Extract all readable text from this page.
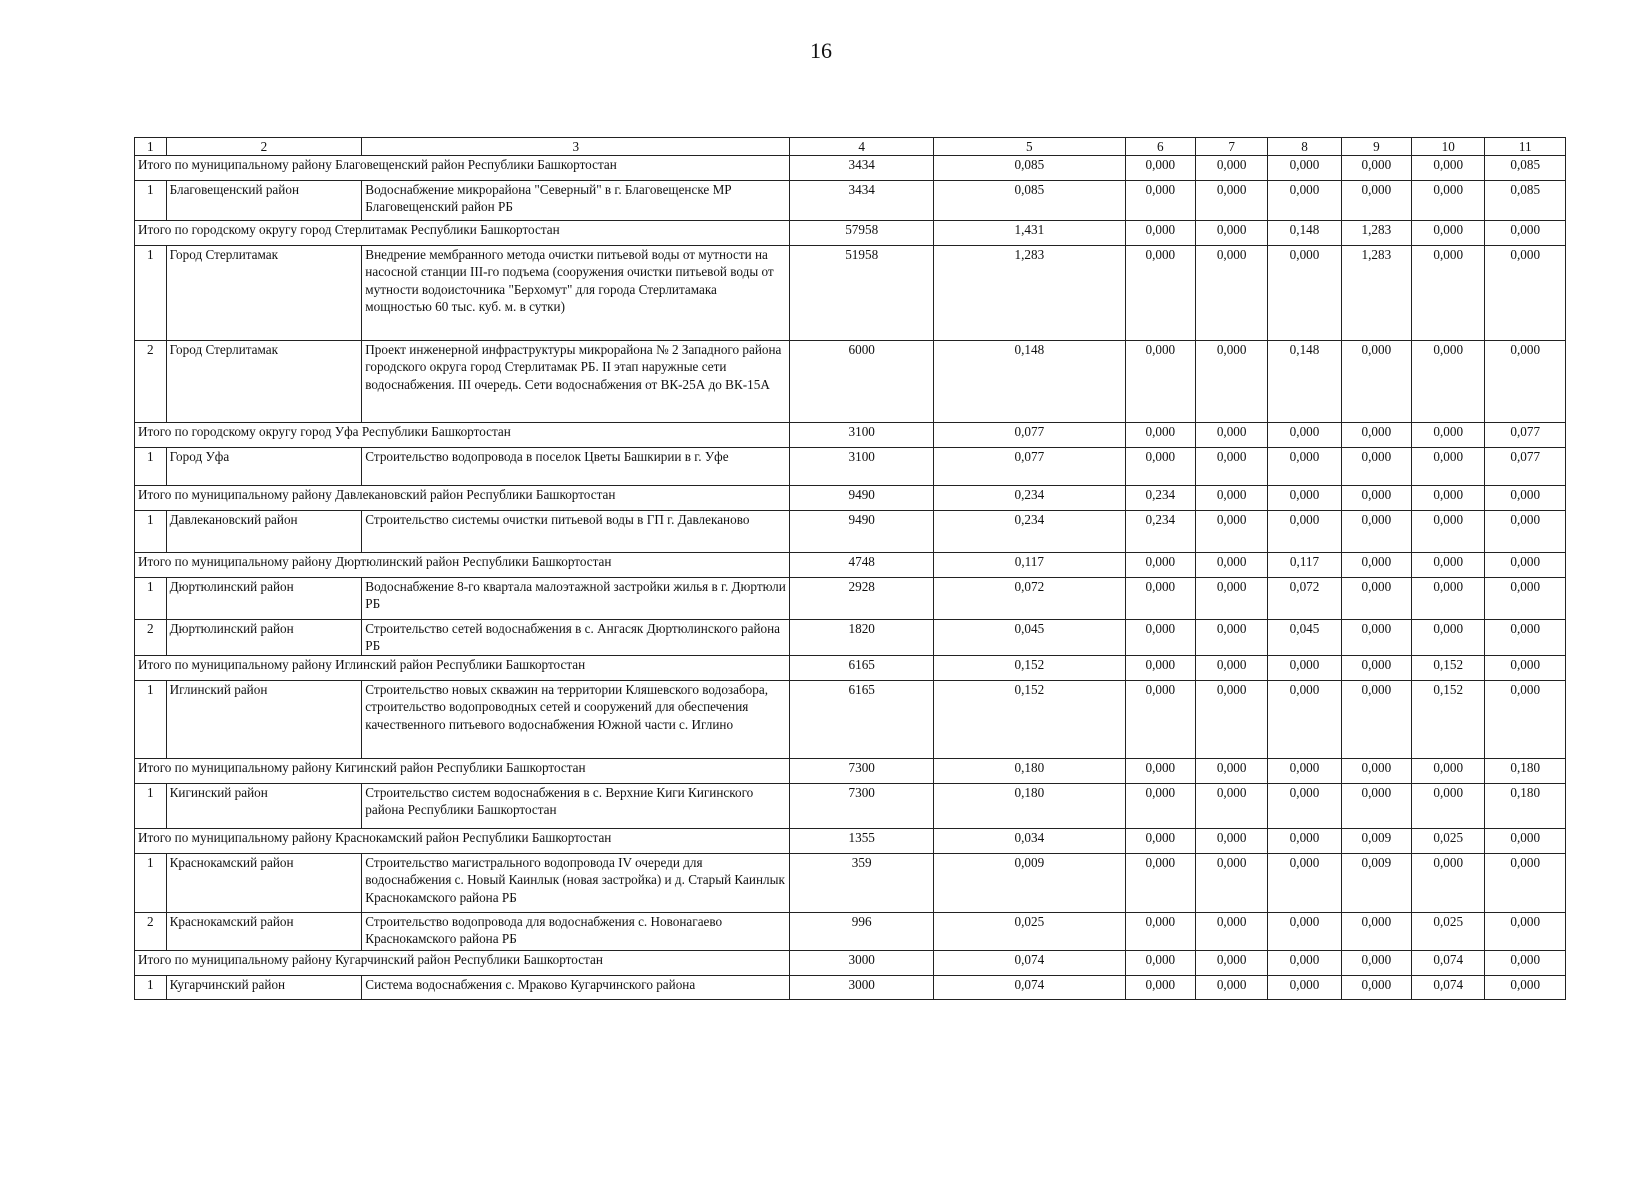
16
1	2	3	4	5	6	7	8	9	10	11
Итого по муниципальному району Благовещенский район Республики Башкортостан			3434	0,085	0,000	0,000	0,000	0,000	0,000	0,085
1	Благовещенский район	Водоснабжение микрорайона "Северный" в г. Благовещенске МР Благовещенский район РБ	3434	0,085	0,000	0,000	0,000	0,000	0,000	0,085
Итого по городскому округу город Стерлитамак Республики Башкортостан			57958	1,431	0,000	0,000	0,148	1,283	0,000	0,000
1	Город Стерлитамак	Внедрение мембранного метода очистки питьевой воды от мутности на насосной станции III-го подъема (сооружения очистки питьевой воды от мутности водоисточника "Берхомут" для города Стерлитамака мощностью 60 тыс. куб. м. в сутки)	51958	1,283	0,000	0,000	0,000	1,283	0,000	0,000
2	Город Стерлитамак	Проект инженерной инфраструктуры микрорайона № 2 Западного района городского округа город Стерлитамак РБ. II этап наружные сети водоснабжения. III очередь. Сети водоснабжения от ВК-25А до ВК-15А	6000	0,148	0,000	0,000	0,148	0,000	0,000	0,000
Итого по городскому округу город Уфа Республики Башкортостан			3100	0,077	0,000	0,000	0,000	0,000	0,000	0,077
1	Город Уфа	Строительство водопровода в поселок Цветы Башкирии в г. Уфе	3100	0,077	0,000	0,000	0,000	0,000	0,000	0,077
Итого по муниципальному району Давлекановский район Республики Башкортостан			9490	0,234	0,234	0,000	0,000	0,000	0,000	0,000
1	Давлекановский район	Строительство системы очистки питьевой воды в ГП г. Давлеканово	9490	0,234	0,234	0,000	0,000	0,000	0,000	0,000
Итого по муниципальному району Дюртюлинский район Республики Башкортостан			4748	0,117	0,000	0,000	0,117	0,000	0,000	0,000
1	Дюртюлинский район	Водоснабжение 8-го квартала малоэтажной застройки жилья в г. Дюртюли РБ	2928	0,072	0,000	0,000	0,072	0,000	0,000	0,000
2	Дюртюлинский район	Строительство сетей водоснабжения в с. Ангасяк Дюртюлинского района РБ	1820	0,045	0,000	0,000	0,045	0,000	0,000	0,000
Итого по муниципальному району Иглинский район Республики Башкортостан			6165	0,152	0,000	0,000	0,000	0,000	0,152	0,000
1	Иглинский район	Строительство новых скважин на территории Кляшевского водозабора, строительство водопроводных сетей и сооружений для обеспечения качественного питьевого водоснабжения Южной части с. Иглино	6165	0,152	0,000	0,000	0,000	0,000	0,152	0,000
Итого по муниципальному району Кигинский район Республики Башкортостан			7300	0,180	0,000	0,000	0,000	0,000	0,000	0,180
1	Кигинский район	Строительство систем водоснабжения в с. Верхние Киги Кигинского района Республики Башкортостан	7300	0,180	0,000	0,000	0,000	0,000	0,000	0,180
Итого по муниципальному району Краснокамский район Республики Башкортостан			1355	0,034	0,000	0,000	0,000	0,009	0,025	0,000
1	Краснокамский район	Строительство магистрального водопровода IV очереди для водоснабжения с. Новый Каинлык (новая застройка) и д. Старый Каинлык Краснокамского района РБ	359	0,009	0,000	0,000	0,000	0,009	0,000	0,000
2	Краснокамский район	Строительство водопровода для водоснабжения с. Новонагаево Краснокамского района РБ	996	0,025	0,000	0,000	0,000	0,000	0,025	0,000
Итого по муниципальному району Кугарчинский район Республики Башкортостан			3000	0,074	0,000	0,000	0,000	0,000	0,074	0,000
1	Кугарчинский район	Система водоснабжения с. Мраково Кугарчинского района	3000	0,074	0,000	0,000	0,000	0,000	0,074	0,000
